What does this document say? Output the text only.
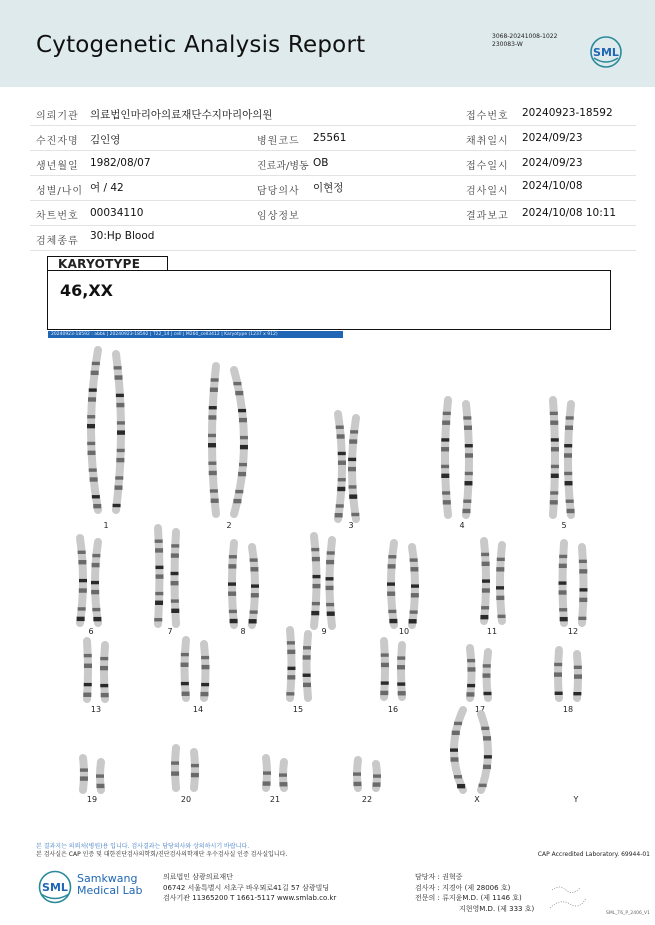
Cytogenetic Analysis Report	3068-20241008-1022
230083-W
SML
의뢰기관 의료법인마리아의료재단수지마리아의원	접수번호 20240923-18592
수진자명 김인영	병원코드 25561	채취일시 2024/09/23
생년월일 1982/08/07	진료과/병동 OB	접수일시 2024/09/23
성별/나이 여 / 42	담당의사 이현정	검사일시 2024/10/08
차트번호 00034110	임상정보	결과보고 2024/10/08 10:11
검체종류 30:Hp Blood
KARYOTYPE
46,XX
20240923-18592 : abbk | 20240923-18592 | T22_14 | cell | M260_cell3412 | Karyotype (1237 x 912)
1	2	3	4	5
6	7	8	9	10	11	12
13	14	15	16	17	18
19	20	21	22	X	Y
본 결과지는 의뢰처(병원)용 입니다. 검사결과는 담당의사와 상의하시기 바랍니다.
본 검사실은 CAP 인증 및 대한진단검사의학회/진단검사의학재단 우수검사실 인증 검사실입니다.	CAP Accredited Laboratory. 69944-01
SML
Samkwang
Medical Lab
의료법인 삼광의료재단
06742 서울특별시 서초구 바우뫼로41길 57 삼광빌딩
검사기관 11365200 T 1661-5117 www.smlab.co.kr
담당자 : 권혁중
검사자 : 지경아 (제 28006 호)
전문의 : 류지윤M.D. (제 1146 호)
지현영M.D. (제 333 호)
SML_T6_P_2406_V1
